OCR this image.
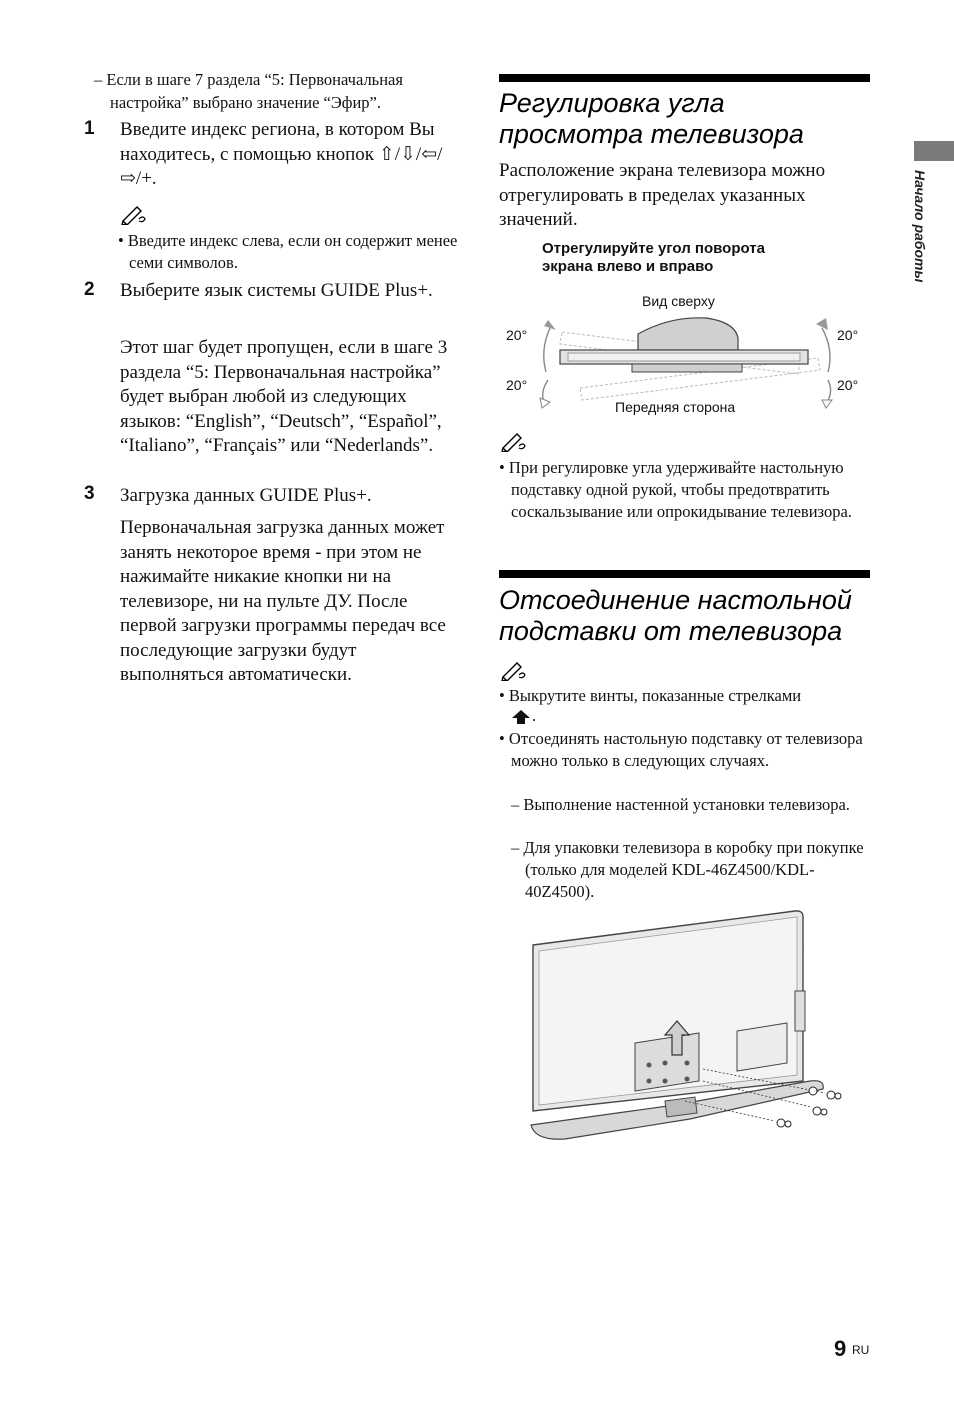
– Если в шаге 7 раздела “5: Первоначальная настройка” выбрано значение “Эфир”.
1 Введите индекс региона, в котором Вы находитесь, с помощью кнопок ⇧/⇩/⇦/⇨/+.
• Введите индекс слева, если он содержит менее семи символов.
2 Выберите язык системы GUIDE Plus+.
Этот шаг будет пропущен, если в шаге 3 раздела “5: Первоначальная настройка” будет выбран любой из следующих языков: “English”, “Deutsch”, “Español”, “Italiano”, “Français” или “Nederlands”.
3 Загрузка данных GUIDE Plus+.
Первоначальная загрузка данных может занять некоторое время - при этом не нажимайте никакие кнопки ни на телевизоре, ни на пульте ДУ. После первой загрузки программы передач все последующие загрузки будут выполняться автоматически.
Регулировка угла
просмотра телевизора
Расположение экрана телевизора можно отрегулировать в пределах указанных значений.
Отрегулируйте угол поворота
экрана влево и вправо
Вид сверху
20°
20°
20°
20°
Передняя сторона
• При регулировке угла удерживайте настольную подставку одной рукой, чтобы предотвратить соскальзывание или опрокидывание телевизора.
Отсоединение настольной
подставки от телевизора
• Выкрутите винты, показанные стрелками
.
• Отсоединять настольную подставку от телевизора можно только в следующих случаях.
– Выполнение настенной установки телевизора.
– Для упаковки телевизора в коробку при покупке (только для моделей KDL-46Z4500/KDL-40Z4500).
Начало работы
9 RU
